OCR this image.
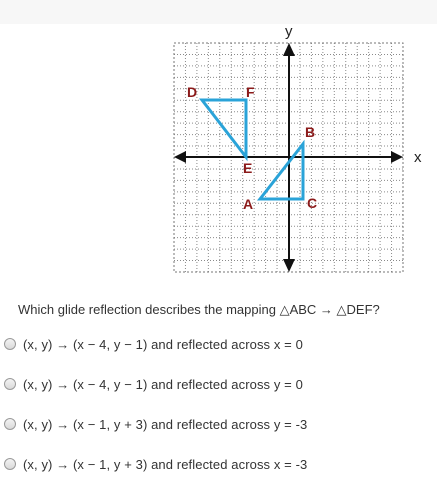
x
y
D	F
E
B
A	C
Which glide reflection describes the mapping △ABC → △DEF?
(x, y) → (x − 4, y − 1) and reflected across x = 0
(x, y) → (x − 4, y − 1) and reflected across y = 0
(x, y) → (x − 1, y + 3) and reflected across y = -3
(x, y) → (x − 1, y + 3) and reflected across x = -3
